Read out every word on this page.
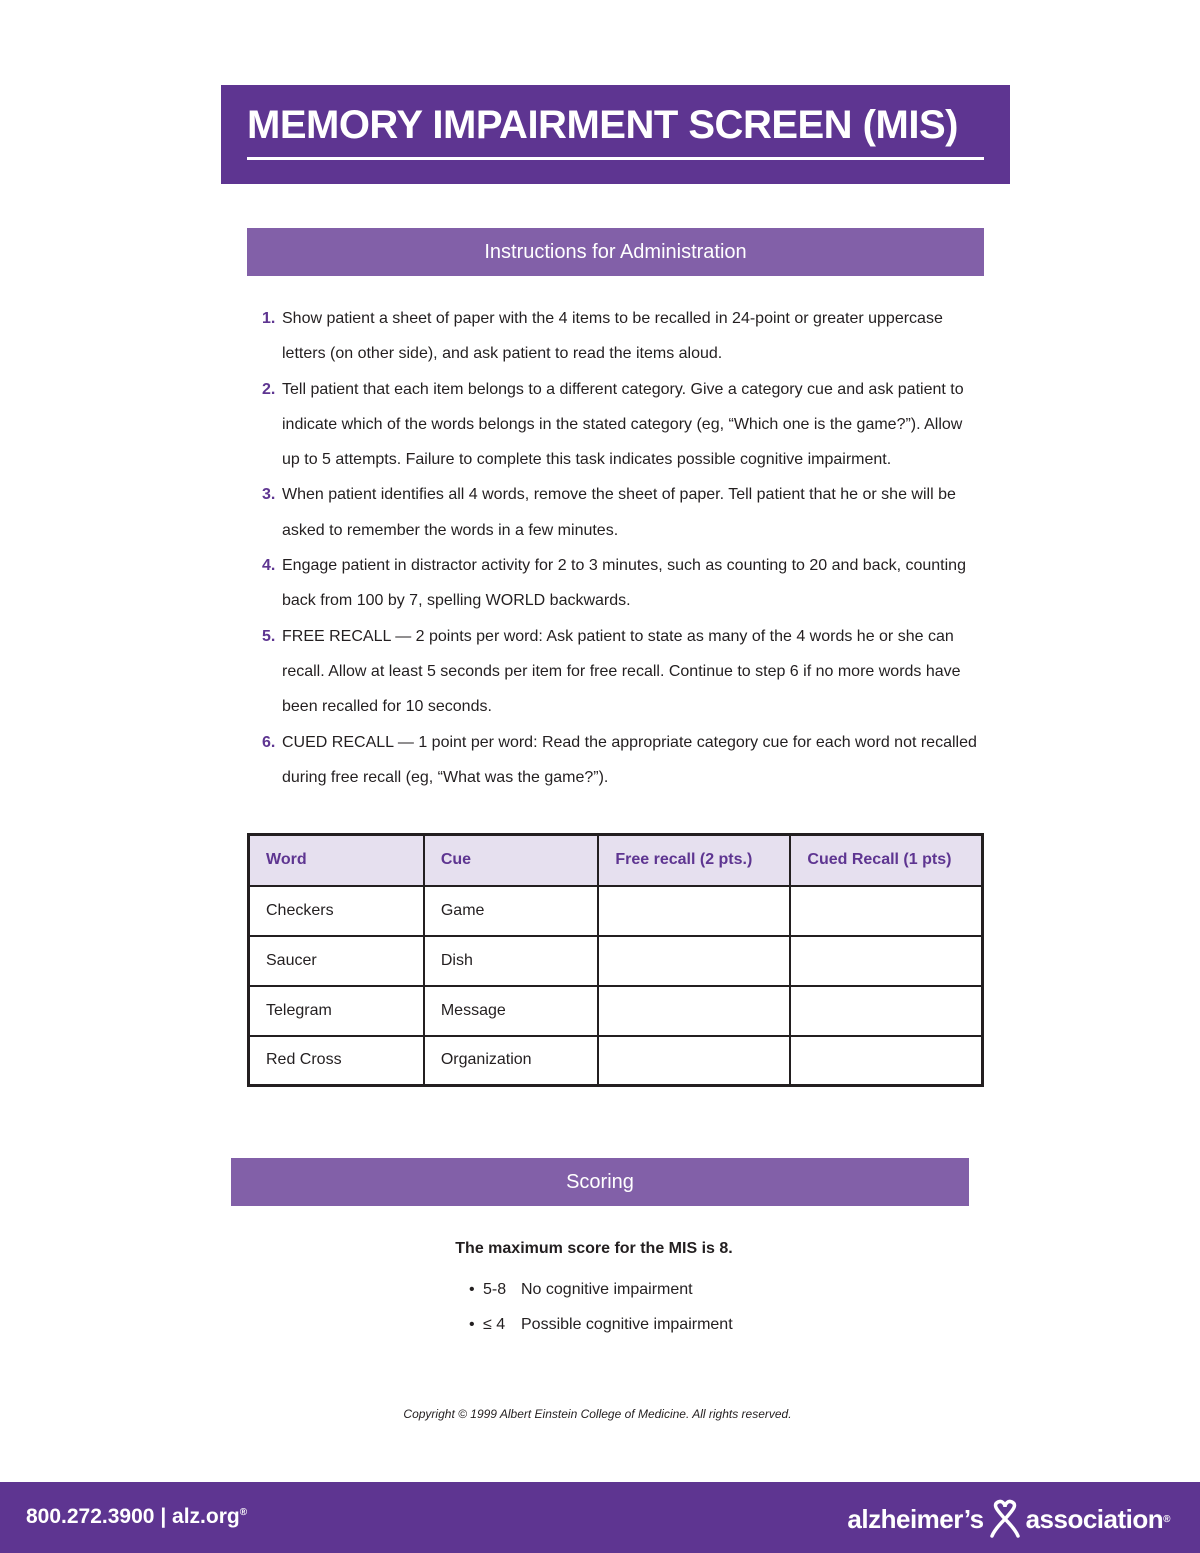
MEMORY IMPAIRMENT SCREEN (MIS)
Instructions for Administration
1. Show patient a sheet of paper with the 4 items to be recalled in 24-point or greater uppercase letters (on other side), and ask patient to read the items aloud.
2. Tell patient that each item belongs to a different category. Give a category cue and ask patient to indicate which of the words belongs in the stated category (eg, “Which one is the game?”). Allow up to 5 attempts. Failure to complete this task indicates possible cognitive impairment.
3. When patient identifies all 4 words, remove the sheet of paper. Tell patient that he or she will be asked to remember the words in a few minutes.
4. Engage patient in distractor activity for 2 to 3 minutes, such as counting to 20 and back, counting back from 100 by 7, spelling WORLD backwards.
5. FREE RECALL — 2 points per word: Ask patient to state as many of the 4 words he or she can recall. Allow at least 5 seconds per item for free recall. Continue to step 6 if no more words have been recalled for 10 seconds.
6. CUED RECALL — 1 point per word: Read the appropriate category cue for each word not recalled during free recall (eg, “What was the game?”).
Word	Cue	Free recall (2 pts.)	Cued Recall (1 pts)
Checkers	Game		
Saucer	Dish		
Telegram	Message		
Red Cross	Organization		
Scoring
The maximum score for the MIS is 8.
• 5-8 No cognitive impairment
• ≤ 4 Possible cognitive impairment
Copyright © 1999 Albert Einstein College of Medicine. All rights reserved.
800.272.3900 | alz.org®	alzheimer’s association ®
